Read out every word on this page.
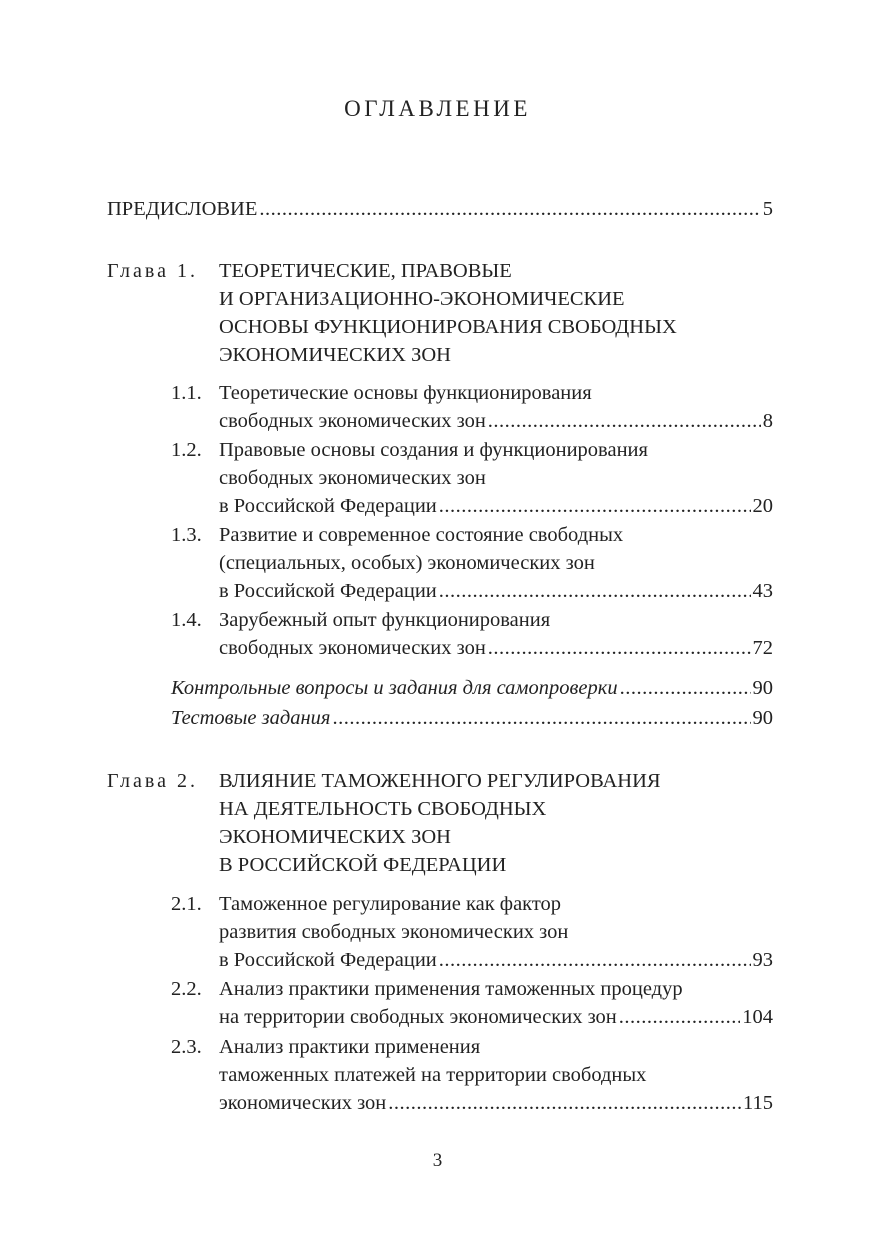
ОГЛАВЛЕНИЕ
ПРЕДИСЛОВИЕ .....	5
Глава 1. ТЕОРЕТИЧЕСКИЕ, ПРАВОВЫЕ
И ОРГАНИЗАЦИОННО-ЭКОНОМИЧЕСКИЕ
ОСНОВЫ ФУНКЦИОНИРОВАНИЯ СВОБОДНЫХ
ЭКОНОМИЧЕСКИХ ЗОН
1.1. Теоретические основы функционирования
свободных экономических зон .....	8
1.2. Правовые основы создания и функционирования
свободных экономических зон
в Российской Федерации .....	20
1.3. Развитие и современное состояние свободных
(специальных, особых) экономических зон
в Российской Федерации .....	43
1.4. Зарубежный опыт функционирования
свободных экономических зон .....	72
Контрольные вопросы и задания для самопроверки .....	90
Тестовые задания .....	90
Глава 2. ВЛИЯНИЕ ТАМОЖЕННОГО РЕГУЛИРОВАНИЯ
НА ДЕЯТЕЛЬНОСТЬ СВОБОДНЫХ
ЭКОНОМИЧЕСКИХ ЗОН
В РОССИЙСКОЙ ФЕДЕРАЦИИ
2.1. Таможенное регулирование как фактор
развития свободных экономических зон
в Российской Федерации .....	93
2.2. Анализ практики применения таможенных процедур
на территории свободных экономических зон .....	104
2.3. Анализ практики применения
таможенных платежей на территории свободных
экономических зон .....	115
3
